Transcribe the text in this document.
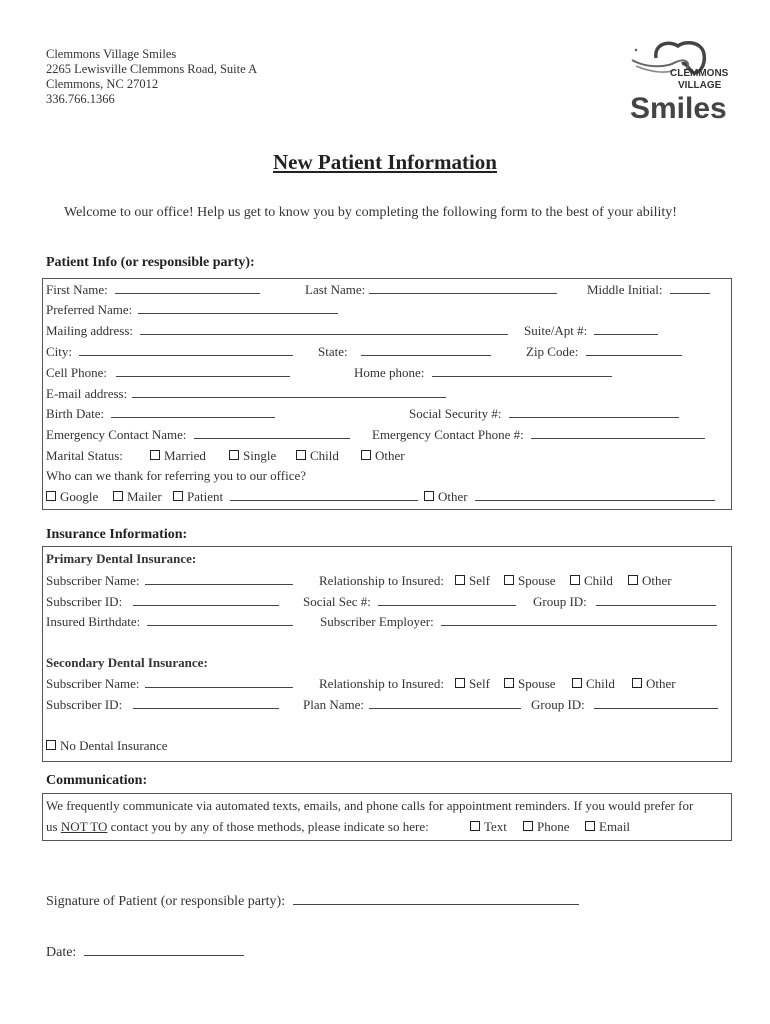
Clemmons Village Smiles
2265 Lewisville Clemmons Road, Suite A
Clemmons, NC 27012
336.766.1366
CLEMMONS
VILLAGE
Smiles
New Patient Information
Welcome to our office! Help us get to know you by completing the following form to the best of your ability!
Patient Info (or responsible party):
First Name:	Last Name:	Middle Initial:
Preferred Name:
Mailing address:	Suite/Apt #:
City:	State:	Zip Code:
Cell Phone:	Home phone:
E-mail address:
Birth Date:	Social Security #:
Emergency Contact Name:	Emergency Contact Phone #:
Marital Status:	Married	Single	Child	Other
Who can we thank for referring you to our office?
Google	Mailer	Patient	Other
Insurance Information:
Primary Dental Insurance:
Subscriber Name:	Relationship to Insured:	Self	Spouse	Child	Other
Subscriber ID:	Social Sec #:	Group ID:
Insured Birthdate:	Subscriber Employer:
Secondary Dental Insurance:
Subscriber Name:	Relationship to Insured:	Self	Spouse	Child	Other
Subscriber ID:	Plan Name:	Group ID:
No Dental Insurance
Communication:
We frequently communicate via automated texts, emails, and phone calls for appointment reminders. If you would prefer for
us NOT TO contact you by any of those methods, please indicate so here:	Text	Phone	Email
Signature of Patient (or responsible party):
Date:
